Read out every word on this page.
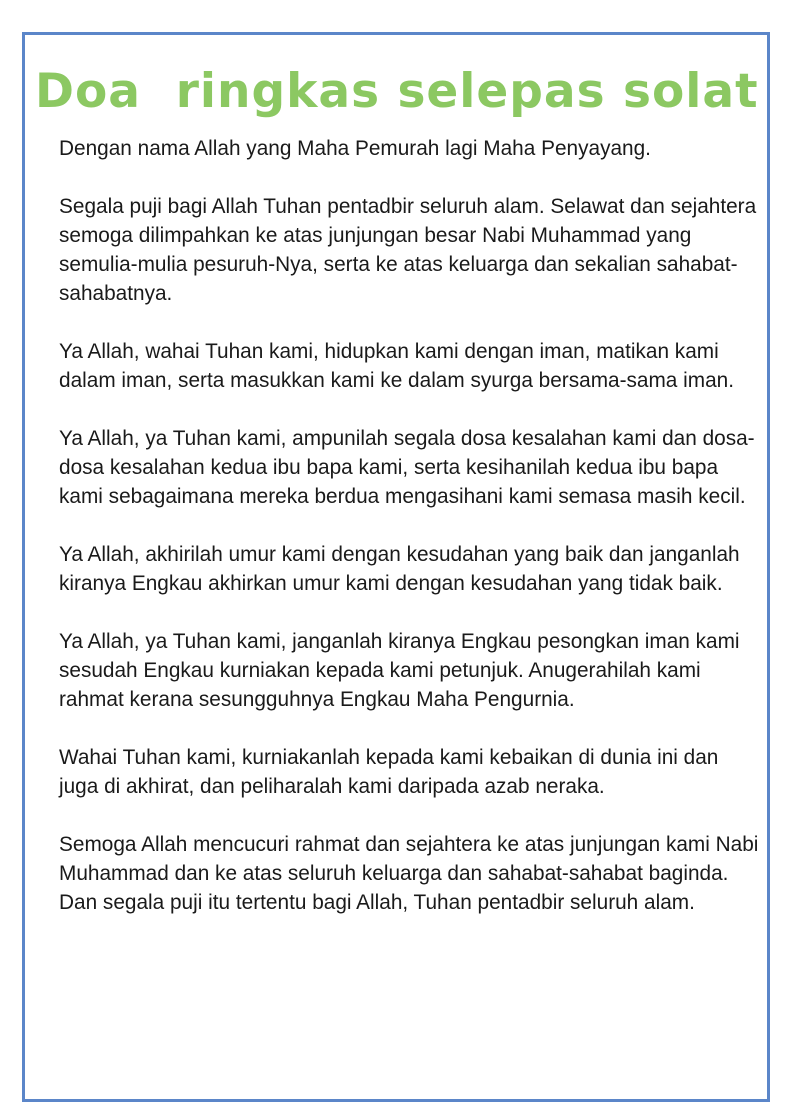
Doa  ringkas selepas solat

Dengan nama Allah yang Maha Pemurah lagi Maha Penyayang.

Segala puji bagi Allah Tuhan pentadbir seluruh alam. Selawat dan sejahtera semoga dilimpahkan ke atas junjungan besar Nabi Muhammad yang semulia-mulia pesuruh-Nya, serta ke atas keluarga dan sekalian sahabat-sahabatnya.

Ya Allah, wahai Tuhan kami, hidupkan kami dengan iman, matikan kami dalam iman, serta masukkan kami ke dalam syurga bersama-sama iman.

Ya Allah, ya Tuhan kami, ampunilah segala dosa kesalahan kami dan dosa-dosa kesalahan kedua ibu bapa kami, serta kesihanilah kedua ibu bapa kami sebagaimana mereka berdua mengasihani kami semasa masih kecil.

Ya Allah, akhirilah umur kami dengan kesudahan yang baik dan janganlah kiranya Engkau akhirkan umur kami dengan kesudahan yang tidak baik.

Ya Allah, ya Tuhan kami, janganlah kiranya Engkau pesongkan iman kami sesudah Engkau kurniakan kepada kami petunjuk. Anugerahilah kami rahmat kerana sesungguhnya Engkau Maha Pengurnia.

Wahai Tuhan kami, kurniakanlah kepada kami kebaikan di dunia ini dan juga di akhirat, dan peliharalah kami daripada azab neraka.

Semoga Allah mencucuri rahmat dan sejahtera ke atas junjungan kami Nabi Muhammad dan ke atas seluruh keluarga dan sahabat-sahabat baginda. Dan segala puji itu tertentu bagi Allah, Tuhan pentadbir seluruh alam.
